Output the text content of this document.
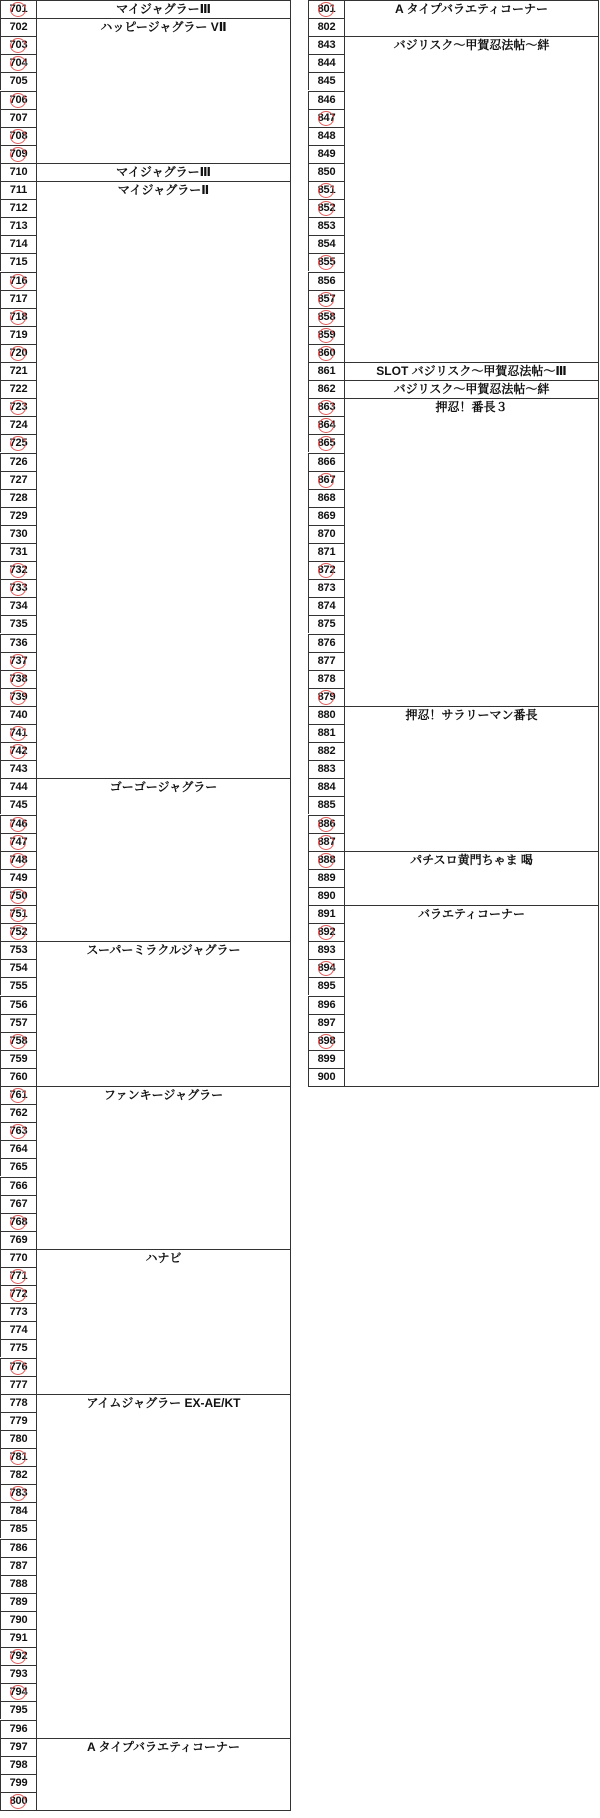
701
702
703
704
705
706
707
708
709
710
711
712
713
714
715
716
717
718
719
720
721
722
723
724
725
726
727
728
729
730
731
732
733
734
735
736
737
738
739
740
741
742
743
744
745
746
747
748
749
750
751
752
753
754
755
756
757
758
759
760
761
762
763
764
765
766
767
768
769
770
771
772
773
774
775
776
777
778
779
780
781
782
783
784
785
786
787
788
789
790
791
792
793
794
795
796
797
798
799
800
マイジャグラーⅢ
ハッピージャグラー VⅡ
マイジャグラーⅢ
マイジャグラーⅡ
ゴーゴージャグラー
スーパーミラクルジャグラー
ファンキージャグラー
ハナビ
アイムジャグラー EX-AE/KT
A タイプバラエティコーナー
801
802
843
844
845
846
847
848
849
850
851
852
853
854
855
856
857
858
859
860
861
862
863
864
865
866
867
868
869
870
871
872
873
874
875
876
877
878
879
880
881
882
883
884
885
886
887
888
889
890
891
892
893
894
895
896
897
898
899
900
A タイプバラエティコーナー
バジリスク～甲賀忍法帖～絆
SLOT バジリスク～甲賀忍法帖～Ⅲ
バジリスク～甲賀忍法帖～絆
押忍！番長３
押忍！サラリーマン番長
パチスロ黄門ちゃま 喝
バラエティコーナー
